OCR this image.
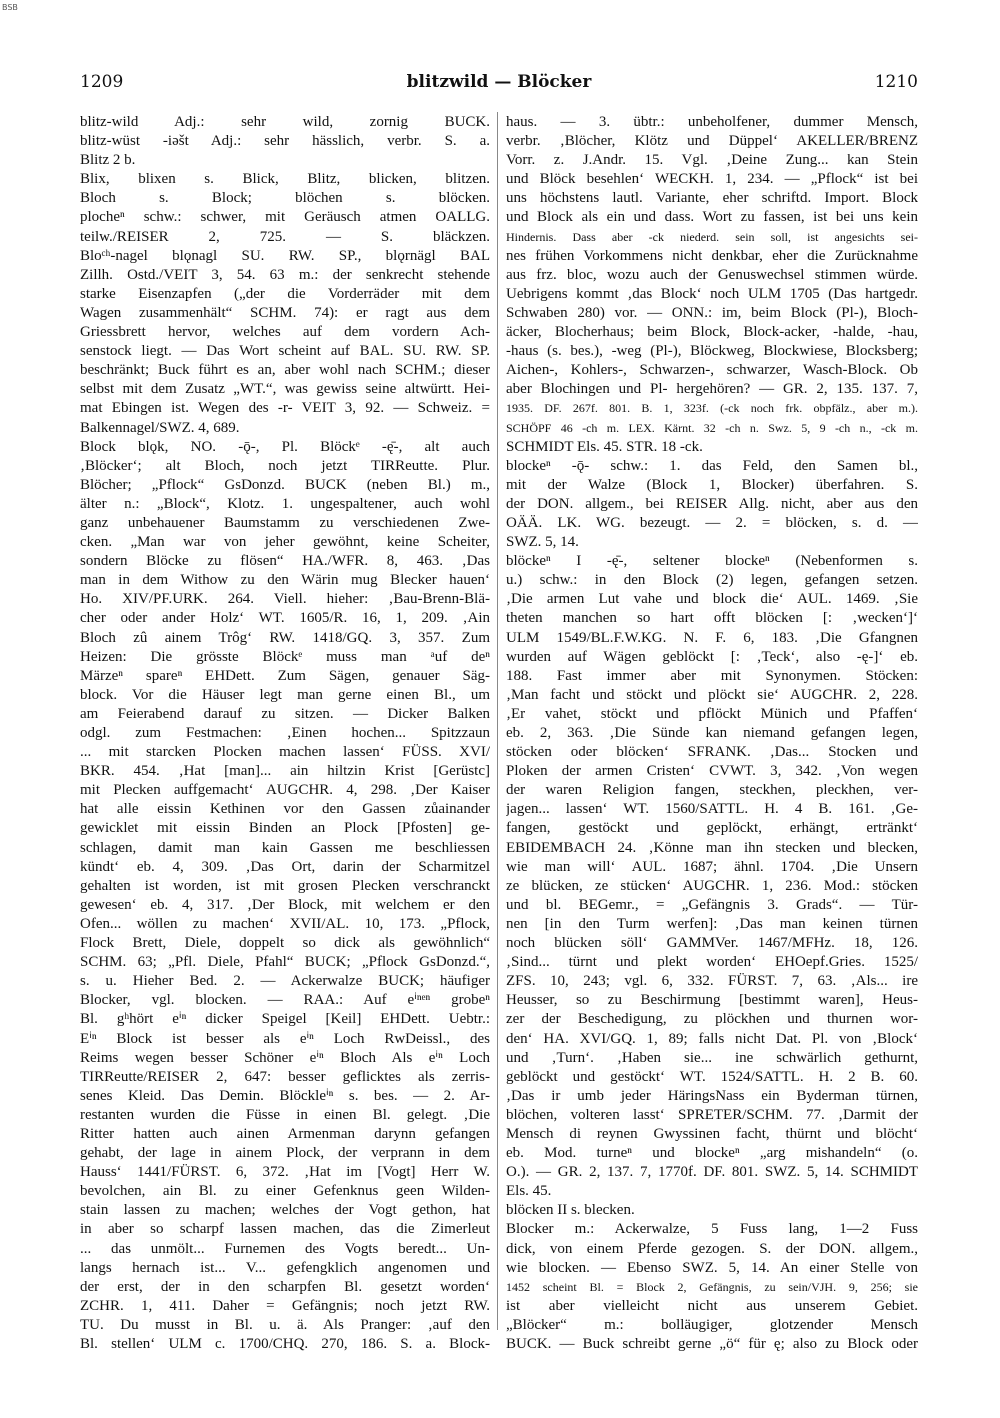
BSB
1209	blitzwild — Blöcker	1210
blitz-wild Adj.: sehr wild, zornig BUCK.
blitz-wüst -iəšt Adj.: sehr hässlich, verbr. S. a.
Blitz 2 b.
Blix, blixen s. Blick, Blitz, blicken, blitzen.
Bloch s. Block; blöchen s. blöcken.
plocheⁿ schw.: schwer, mit Geräusch atmen OALLG.
teilw./REISER 2, 725. — S. bläckzen.
Bloᶜʰ-nagel blǫnagl SU. RW. SP., blǫrnägl BAL
Zillh. Ostd./VEIT 3, 54. 63 m.: der senkrecht stehende
starke Eisenzapfen („der die Vorderräder mit dem
Wagen zusammenhält“ SCHM. 74): er ragt aus dem
Griessbrett hervor, welches auf dem vordern Ach-
senstock liegt. — Das Wort scheint auf BAL. SU. RW. SP.
beschränkt; Buck führt es an, aber wohl nach SCHM.; dieser
selbst mit dem Zusatz „WT.“, was gewiss seine altwürtt. Hei-
mat Ebingen ist. Wegen des -r- VEIT 3, 92. — Schweiz. =
Balkennagel/SWZ. 4, 689.
Block blǫk, NO. -ǭ-, Pl. Blöckᵉ -ę̄-, alt auch
‚Blöcker‘; alt Bloch, noch jetzt TIRReutte. Plur.
Blöcher; „Pflock“ GsDonzd. BUCK (neben Bl.) m.,
älter n.: „Block“, Klotz. 1. ungespaltener, auch wohl
ganz unbehauener Baumstamm zu verschiedenen Zwe-
cken. „Man war von jeher gewöhnt, keine Scheiter,
sondern Blöcke zu flösen“ HA./WFR. 8, 463. ‚Das
man in dem Withow zu den Wärin mug Blecker hauen‘
Ho. XIV/PF.URK. 264. Viell. hieher: ‚Bau-Brenn-Blä-
cher oder ander Holz‘ WT. 1605/R. 16, 1, 209. ‚Ain
Bloch zû ainem Trôg‘ RW. 1418/GQ. 3, 357. Zum
Heizen: Die grösste Blöckᵉ muss man ᵃuf deⁿ
Märzeⁿ spareⁿ EHDett. Zum Sägen, genauer Säg-
block. Vor die Häuser legt man gerne einen Bl., um
am Feierabend darauf zu sitzen. — Dicker Balken
odgl. zum Festmachen: ‚Einen hochen... Spitzzaun
... mit starcken Plocken machen lassen‘ FÜSS. XVI/
BKR. 454. ‚Hat [man]... ain hiltzin Krist [Gerüstc]
mit Plecken auffgemacht‘ AUGCHR. 4, 298. ‚Der Kaiser
hat alle eissin Kethinen vor den Gassen zůainander
gewicklet mit eissin Binden an Plock [Pfosten] ge-
schlagen, damit man kain Gassen me beschliessen
kündt‘ eb. 4, 309. ‚Das Ort, darin der Scharmitzel
gehalten ist worden, ist mit grosen Plecken verschranckt
gewesen‘ eb. 4, 317. ‚Der Block, mit welchem er den
Ofen... wöllen zu machen‘ XVII/AL. 10, 173. „Pflock,
Flock Brett, Diele, doppelt so dick als gewöhnlich“
SCHM. 63; „Pfl. Diele, Pfahl“ BUCK; „Pflock GsDonzd.“,
s. u. Hieher Bed. 2. — Ackerwalze BUCK; häufiger
Blocker, vgl. blocken. — RAA.: Auf eⁱⁿᵉⁿ grobeⁿ
Bl. gʰhört eⁱⁿ dicker Speigel [Keil] EHDett. Uebtr.:
Eⁱⁿ Block ist besser als eⁱⁿ Loch RwDeissl., des
Reims wegen besser Schöner eⁱⁿ Bloch Als eⁱⁿ Loch
TIRReutte/REISER 2, 647: besser geflicktes als zerris-
senes Kleid. Das Demin. Blöckleⁱⁿ s. bes. — 2. Ar-
restanten wurden die Füsse in einen Bl. gelegt. ‚Die
Ritter hatten auch ainen Armenman darynn gefangen
gehabt, der lage in ainem Plock, der verprann in dem
Hauss‘ 1441/FÜRST. 6, 372. ‚Hat im [Vogt] Herr W.
bevolchen, ain Bl. zu einer Gefenknus geen Wilden-
stain lassen zu machen; welches der Vogt gethon, hat
in aber so scharpf lassen machen, das die Zimerleut
... das unmölt... Furnemen des Vogts beredt... Un-
langs hernach ist... V... gefengklich angenomen und
der erst, der in den scharpfen Bl. gesetzt worden‘
ZCHR. 1, 411. Daher = Gefängnis; noch jetzt RW.
TU. Du musst in Bl. u. ä. Als Pranger: ‚auf den
Bl. stellen‘ ULM c. 1700/CHQ. 270, 186. S. a. Block-
haus. — 3. übtr.: unbeholfener, dummer Mensch,
verbr. ‚Blöcher, Klötz und Düppel‘ AKELLER/BRENZ
Vorr. z. J.Andr. 15. Vgl. ‚Deine Zung... kan Stein
und Blöck besehlen‘ WECKH. 1, 234. — „Pflock“ ist bei
uns höchstens lautl. Variante, eher schriftd. Import. Block
und Block als ein und dass. Wort zu fassen, ist bei uns kein
Hindernis. Dass aber -ck niederd. sein soll, ist angesichts sei-
nes frühen Vorkommens nicht denkbar, eher die Zurücknahme
aus frz. bloc, wozu auch der Genuswechsel stimmen würde.
Uebrigens kommt ‚das Block‘ noch ULM 1705 (Das hartgedr.
Schwaben 280) vor. — ONN.: im, beim Block (Pl-), Bloch-
äcker, Blocherhaus; beim Block, Block-acker, -halde, -hau,
-haus (s. bes.), -weg (Pl-), Blöckweg, Blockwiese, Blocksberg;
Aichen-, Kohlers-, Schwarzen-, schwarzer, Wasch-Block. Ob
aber Blochingen und Pl- hergehören? — GR. 2, 135. 137. 7,
1935. DF. 267f. 801. B. 1, 323f. (-ck noch frk. obpfälz., aber m.).
SCHÖPF 46 -ch m. LEX. Kärnt. 32 -ch n. Swz. 5, 9 -ch n., -ck m.
SCHMIDT Els. 45. STR. 18 -ck.
blockeⁿ -ǭ- schw.: 1. das Feld, den Samen bl.,
mit der Walze (Block 1, Blocker) überfahren. S.
der DON. allgem., bei REISER Allg. nicht, aber aus den
OÄÄ. LK. WG. bezeugt. — 2. = blöcken, s. d. —
SWZ. 5, 14.
blöckeⁿ I -ę̄-, seltener blockeⁿ (Nebenformen s.
u.) schw.: in den Block (2) legen, gefangen setzen.
‚Die armen Lut vahe und block die‘ AUL. 1469. ‚Sie
theten manchen so hart offt blöcken [: ‚wecken‘]‘
ULM 1549/BL.F.W.KG. N. F. 6, 183. ‚Die Gfangnen
wurden auf Wägen geblöckt [: ‚Teck‘, also -ę-]‘ eb.
188. Fast immer aber mit Synonymen. Stöcken:
‚Man facht und stöckt und plöckt sie‘ AUGCHR. 2, 228.
‚Er vahet, stöckt und pflöckt Münich und Pfaffen‘
eb. 2, 363. ‚Die Sünde kan niemand gefangen legen,
stöcken oder blöcken‘ SFRANK. ‚Das... Stocken und
Ploken der armen Cristen‘ CVWT. 3, 342. ‚Von wegen
der waren Religion fangen, steckhen, pleckhen, ver-
jagen... lassen‘ WT. 1560/SATTL. H. 4 B. 161. ‚Ge-
fangen, gestöckt und geplöckt, erhängt, ertränkt‘
EBIDEMBACH 24. ‚Könne man ihn stecken und blecken,
wie man will‘ AUL. 1687; ähnl. 1704. ‚Die Unsern
ze blücken, ze stücken‘ AUGCHR. 1, 236. Mod.: stöcken
und bl. BEGemr., = „Gefängnis 3. Grads“. — Tür-
nen [in den Turm werfen]: ‚Das man keinen türnen
noch blücken söll‘ GAMMVer. 1467/MFHz. 18, 126.
‚Sind... türnt und plekt worden‘ EHOepf.Gries. 1525/
ZFS. 10, 243; vgl. 6, 332. FÜRST. 7, 63. ‚Als... ire
Heusser, so zu Beschirmung [bestimmt waren], Heus-
zer der Beschedigung, zu plöckhen und thurnen wor-
den‘ HA. XVI/GQ. 1, 89; falls nicht Dat. Pl. von ‚Block‘
und ‚Turn‘. ‚Haben sie... ine schwärlich gethurnt,
geblöckt und gestöckt‘ WT. 1524/SATTL. H. 2 B. 60.
‚Das ir umb jeder HäringsNass ein Byderman türnen,
blöchen, volteren lasst‘ SPRETER/SCHM. 77. ‚Darmit der
Mensch di reynen Gwyssinen facht, thürnt und blöcht‘
eb. Mod. turneⁿ und blockeⁿ „arg mishandeln“ (o.
O.). — GR. 2, 137. 7, 1770f. DF. 801. SWZ. 5, 14. SCHMIDT
Els. 45.
blöcken II s. blecken.
Blocker m.: Ackerwalze, 5 Fuss lang, 1—2 Fuss
dick, von einem Pferde gezogen. S. der DON. allgem.,
wie blocken. — Ebenso SWZ. 5, 14. An einer Stelle von
1452 scheint Bl. = Block 2, Gefängnis, zu sein/VJH. 9, 256; sie
ist aber vielleicht nicht aus unserem Gebiet.
„Blöcker“ m.: bolläugiger, glotzender Mensch
BUCK. — Buck schreibt gerne „ö“ für ę; also zu Block oder
